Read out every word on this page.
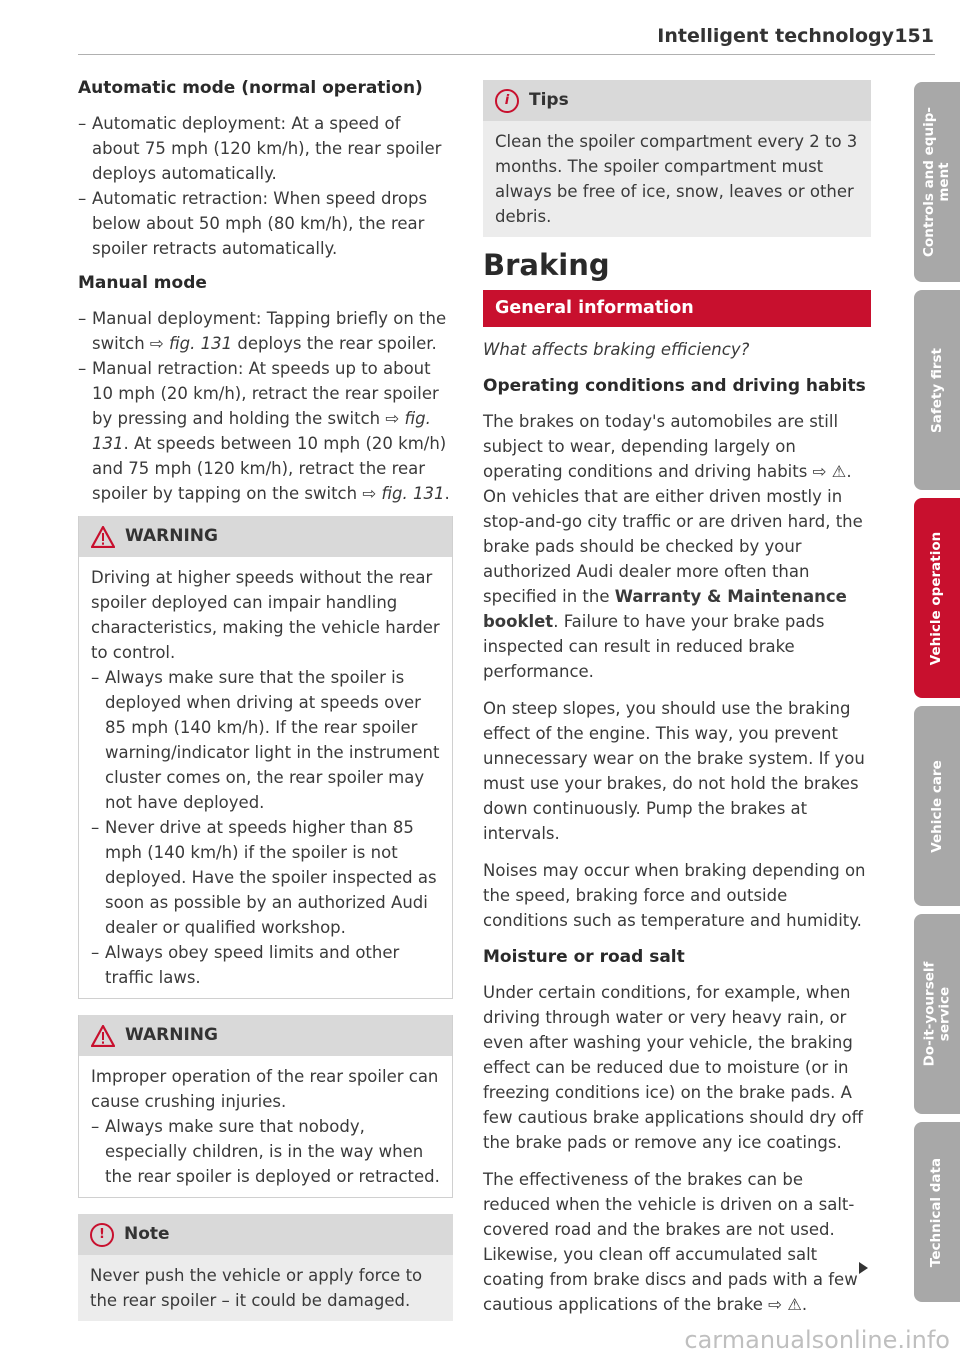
Intelligent technology 151
Automatic mode (normal operation)
– Automatic deployment: At a speed of about 75 mph (120 km/h), the rear spoiler deploys automatically.
– Automatic retraction: When speed drops below about 50 mph (80 km/h), the rear spoiler retracts automatically.
Manual mode
– Manual deployment: Tapping briefly on the switch ⇨ fig. 131 deploys the rear spoiler.
– Manual retraction: At speeds up to about 10 mph (20 km/h), retract the rear spoiler by pressing and holding the switch ⇨ fig. 131. At speeds between 10 mph (20 km/h) and 75 mph (120 km/h), retract the rear spoiler by tapping on the switch ⇨ fig. 131.
WARNING

Driving at higher speeds without the rear spoiler deployed can impair handling characteristics, making the vehicle harder to control.

– Always make sure that the spoiler is deployed when driving at speeds over 85 mph (140 km/h). If the rear spoiler warning/indicator light in the instrument cluster comes on, the rear spoiler may not have deployed.
– Never drive at speeds higher than 85 mph (140 km/h) if the spoiler is not deployed. Have the spoiler inspected as soon as possible by an authorized Audi dealer or qualified workshop.
– Always obey speed limits and other traffic laws.
WARNING

Improper operation of the rear spoiler can cause crushing injuries.

– Always make sure that nobody, especially children, is in the way when the rear spoiler is deployed or retracted.
!	Note
Never push the vehicle or apply force to the rear spoiler – it could be damaged.
i	Tips
Clean the spoiler compartment every 2 to 3 months. The spoiler compartment must always be free of ice, snow, leaves or other debris.
Braking
General information

What affects braking efficiency?

Operating conditions and driving habits

The brakes on today's automobiles are still subject to wear, depending largely on operating conditions and driving habits ⇨ ⚠. On vehicles that are either driven mostly in stop-and-go city traffic or are driven hard, the brake pads should be checked by your authorized Audi dealer more often than specified in the Warranty & Maintenance booklet. Failure to have your brake pads inspected can result in reduced brake performance.

On steep slopes, you should use the braking effect of the engine. This way, you prevent unnecessary wear on the brake system. If you must use your brakes, do not hold the brakes down continuously. Pump the brakes at intervals.

Noises may occur when braking depending on the speed, braking force and outside conditions such as temperature and humidity.

Moisture or road salt

Under certain conditions, for example, when driving through water or very heavy rain, or even after washing your vehicle, the braking effect can be reduced due to moisture (or in freezing conditions ice) on the brake pads. A few cautious brake applications should dry off the brake pads or remove any ice coatings.

The effectiveness of the brakes can be reduced when the vehicle is driven on a salt-covered road and the brakes are not used. Likewise, you clean off accumulated salt coating from brake discs and pads with a few cautious applications of the brake ⇨ ⚠.

Controls and equip-
ment
Safety first
Vehicle operation
Vehicle care
Do-it-yourself
service
Technical data
carmanualsonline.info
